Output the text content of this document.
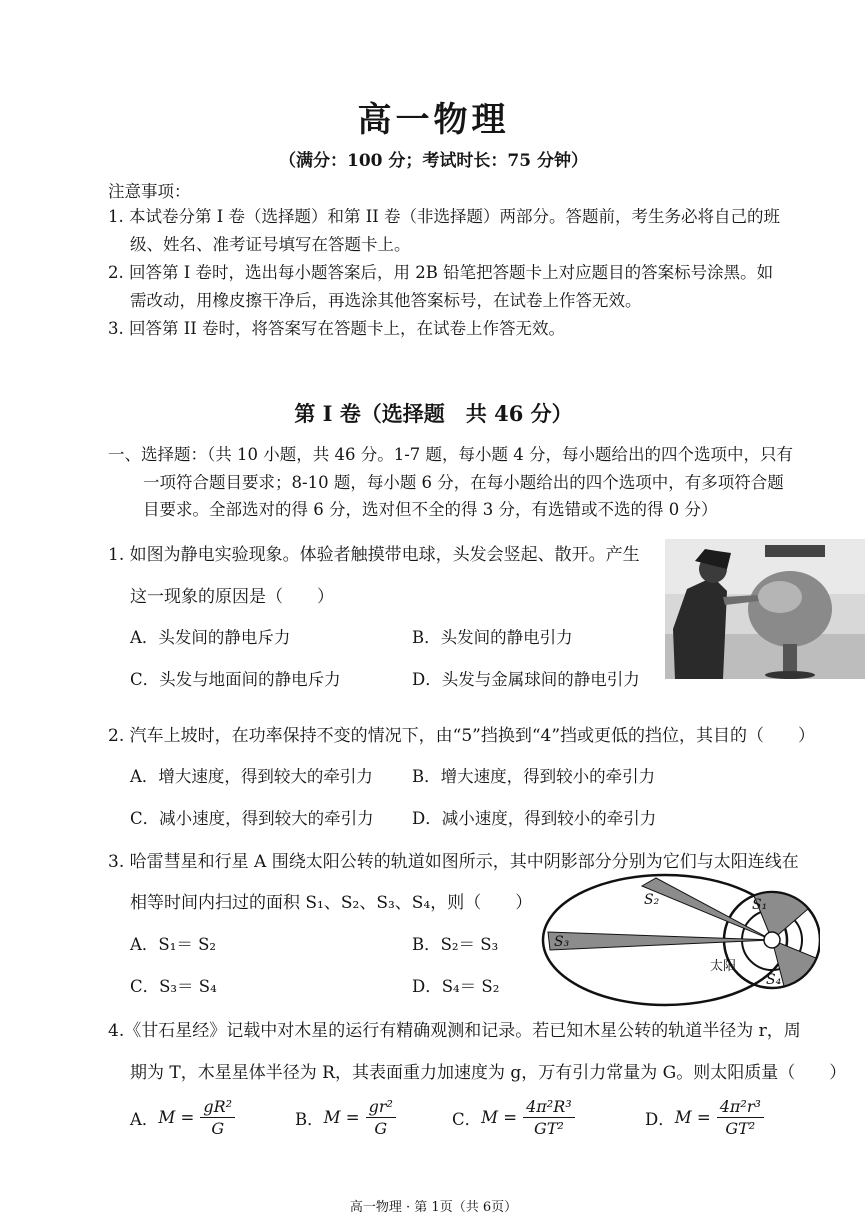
高一物理
（满分：100 分；考试时长：75 分钟）
注意事项：
1. 本试卷分第 I 卷（选择题）和第 II 卷（非选择题）两部分。答题前，考生务必将自己的班
级、姓名、准考证号填写在答题卡上。
2. 回答第 I 卷时，选出每小题答案后，用 2B 铅笔把答题卡上对应题目的答案标号涂黑。如
需改动，用橡皮擦干净后，再选涂其他答案标号，在试卷上作答无效。
3. 回答第 II 卷时，将答案写在答题卡上，在试卷上作答无效。
第 I 卷（选择题　共 46 分）
一、选择题：（共 10 小题，共 46 分。1-7 题，每小题 4 分，每小题给出的四个选项中，只有
一项符合题目要求；8-10 题，每小题 6 分，在每小题给出的四个选项中，有多项符合题
目要求。全部选对的得 6 分，选对但不全的得 3 分，有选错或不选的得 0 分）
1. 如图为静电实验现象。体验者触摸带电球，头发会竖起、散开。产生
这一现象的原因是（　　）
A．头发间的静电斥力	B．头发间的静电引力
C．头发与地面间的静电斥力	D．头发与金属球间的静电引力
2. 汽车上坡时，在功率保持不变的情况下，由“5”挡换到“4”挡或更低的挡位，其目的（　　）
A．增大速度，得到较大的牵引力 B．增大速度，得到较小的牵引力
C．减小速度，得到较大的牵引力 D．减小速度，得到较小的牵引力
3. 哈雷彗星和行星 A 围绕太阳公转的轨道如图所示，其中阴影部分分别为它们与太阳连线在
相等时间内扫过的面积 S₁、S₂、S₃、S₄，则（　　）
A．S₁＝ S₂	B．S₂＝ S₃
C．S₃＝ S₄	D．S₄＝ S₂
S₂	S₁
S₃
S₄
太阳
4.《甘石星经》记载中对木星的运行有精确观测和记录。若已知木星公转的轨道半径为 r，周
期为 T，木星星体半径为 R，其表面重力加速度为 g，万有引力常量为 G。则太阳质量（　　）
A． $M = \frac{\text{gR²}}{G}$	B． $M = \frac{\text{gr²}}{G}$	C． $M = \frac{\text{4π²R³}}{\text{GT²}}$	D． $M = \frac{\text{4π²r³}}{\text{GT²}}$
高一物理 · 第 1页（共 6页）
